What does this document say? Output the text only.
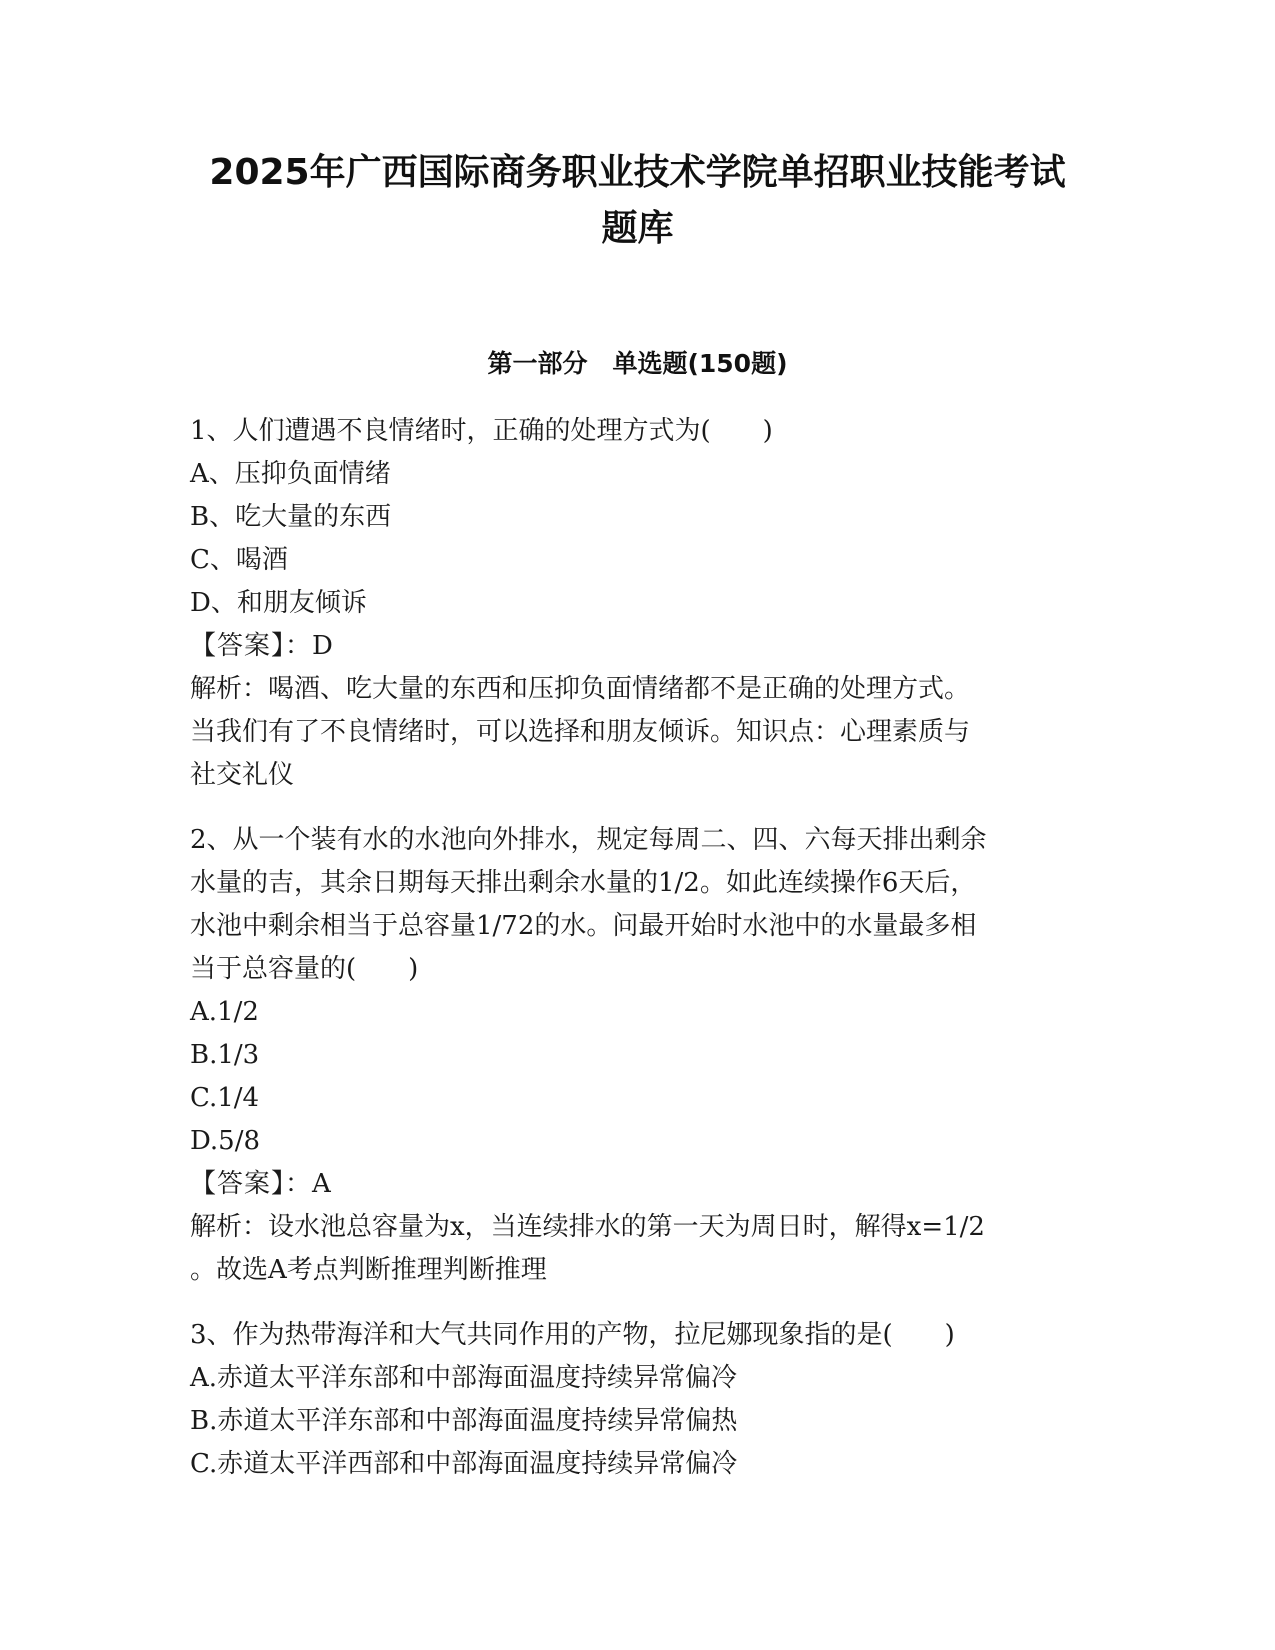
2025年广西国际商务职业技术学院单招职业技能考试
题库
第一部分　单选题(150题)
1、人们遭遇不良情绪时，正确的处理方式为(　　)
A、压抑负面情绪
B、吃大量的东西
C、喝酒
D、和朋友倾诉
【答案】：D
解析：喝酒、吃大量的东西和压抑负面情绪都不是正确的处理方式。
当我们有了不良情绪时，可以选择和朋友倾诉。知识点：心理素质与
社交礼仪
2、从一个装有水的水池向外排水，规定每周二、四、六每天排出剩余
水量的吉，其余日期每天排出剩余水量的1/2。如此连续操作6天后，
水池中剩余相当于总容量1/72的水。问最开始时水池中的水量最多相
当于总容量的(　　)
A.1/2
B.1/3
C.1/4
D.5/8
【答案】：A
解析：设水池总容量为x，当连续排水的第一天为周日时，解得x=1/2
。故选A考点判断推理判断推理
3、作为热带海洋和大气共同作用的产物，拉尼娜现象指的是(　　)
A.赤道太平洋东部和中部海面温度持续异常偏冷
B.赤道太平洋东部和中部海面温度持续异常偏热
C.赤道太平洋西部和中部海面温度持续异常偏冷
